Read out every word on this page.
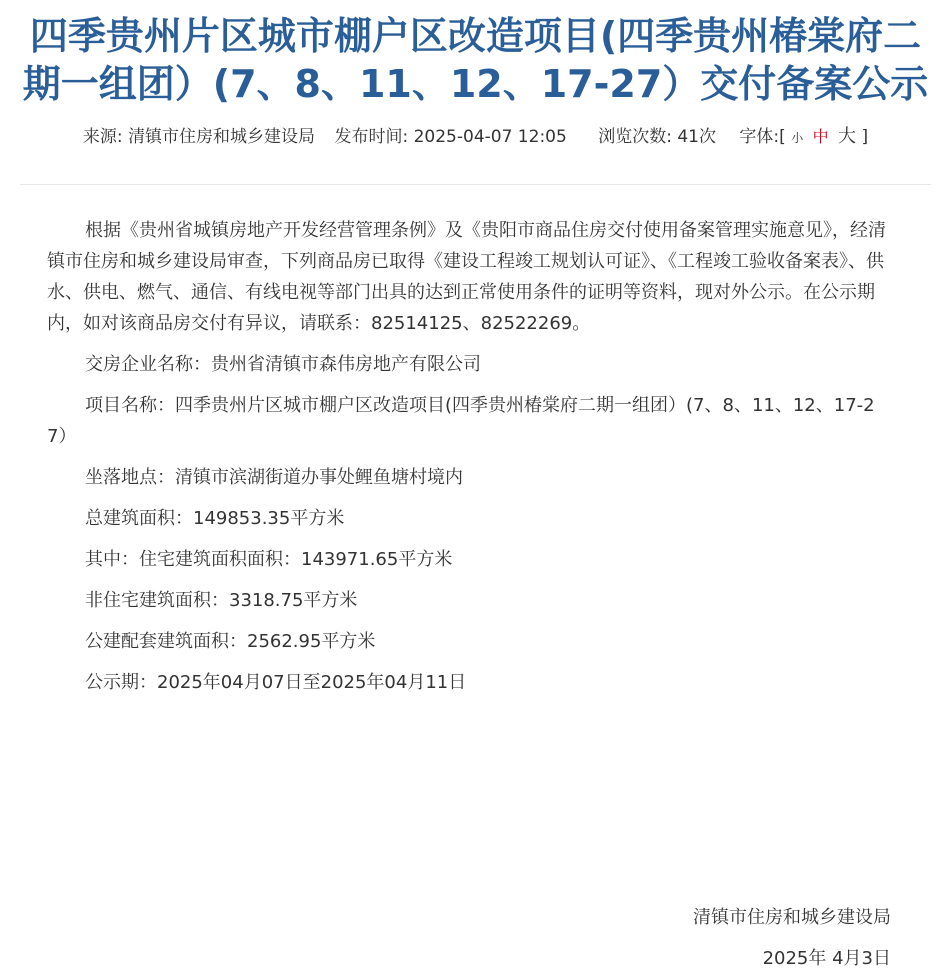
四季贵州片区城市棚户区改造项目(四季贵州椿棠府二期一组团）(7、8、11、12、17-27）交付备案公示
来源: 清镇市住房和城乡建设局 发布时间: 2025-04-07 12:05 浏览次数: 41次 字体:[ 小 中 大 ]

根据《贵州省城镇房地产开发经营管理条例》及《贵阳市商品住房交付使用备案管理实施意见》，经清镇市住房和城乡建设局审查，下列商品房已取得《建设工程竣工规划认可证》、《工程竣工验收备案表》、供水、供电、燃气、通信、有线电视等部门出具的达到正常使用条件的证明等资料，现对外公示。在公示期内，如对该商品房交付有异议，请联系：82514125、82522269。

交房企业名称：贵州省清镇市森伟房地产有限公司

项目名称：四季贵州片区城市棚户区改造项目(四季贵州椿棠府二期一组团）(7、8、11、12、17-27）

坐落地点：清镇市滨湖街道办事处鲤鱼塘村境内

总建筑面积：149853.35平方米

其中：住宅建筑面积面积：143971.65平方米

非住宅建筑面积：3318.75平方米

公建配套建筑面积：2562.95平方米

公示期：2025年04月07日至2025年04月11日

清镇市住房和城乡建设局
2025年 4月3日
